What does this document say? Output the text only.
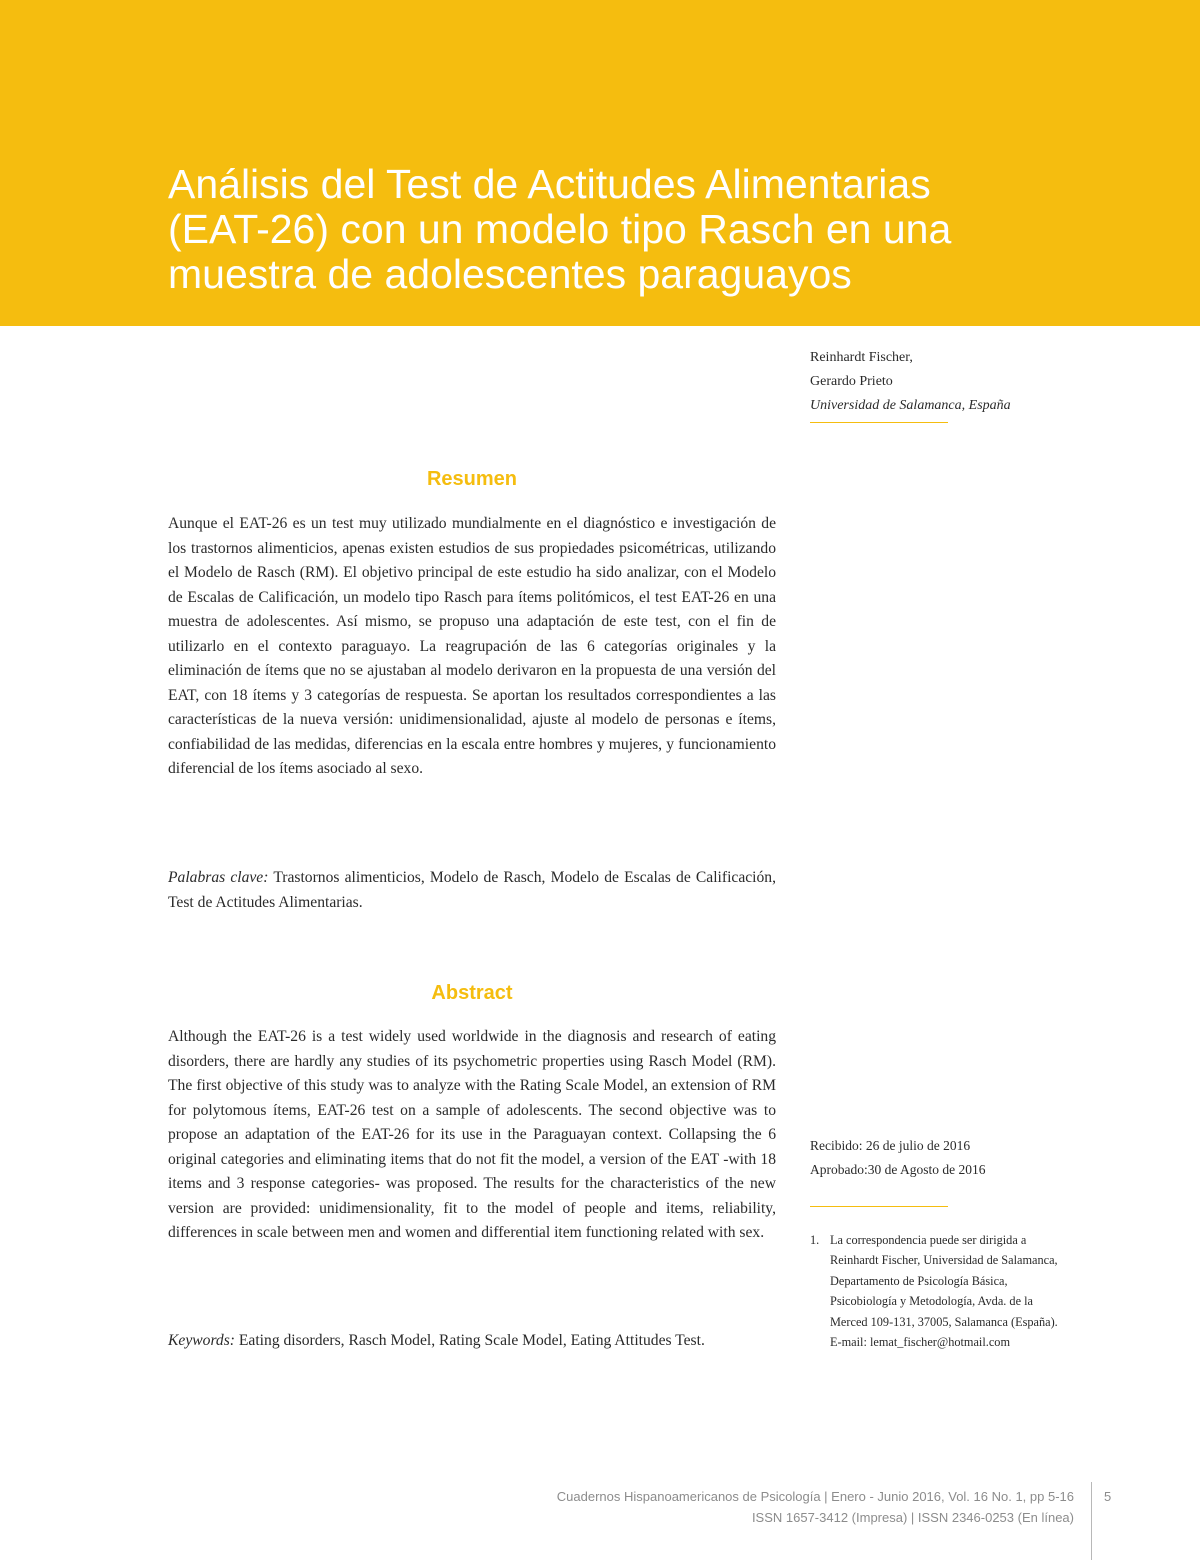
Análisis del Test de Actitudes Alimentarias
(EAT-26) con un modelo tipo Rasch en una
muestra de adolescentes paraguayos
Reinhardt Fischer,
Gerardo Prieto
Universidad de Salamanca, España
Resumen

Aunque el EAT-26 es un test muy utilizado mundialmente en el diagnóstico e investigación de los trastornos alimenticios, apenas existen estudios de sus propiedades psicométricas, utilizando el Modelo de Rasch (RM). El objetivo principal de este estudio ha sido analizar, con el Modelo de Escalas de Calificación, un modelo tipo Rasch para ítems politómicos, el test EAT-26 en una muestra de adolescentes. Así mismo, se propuso una adaptación de este test, con el fin de utilizarlo en el contexto paraguayo. La reagrupación de las 6 categorías originales y la eliminación de ítems que no se ajustaban al modelo derivaron en la propuesta de una versión del EAT, con 18 ítems y 3 categorías de respuesta. Se aportan los resultados correspondientes a las características de la nueva versión: unidimensionalidad, ajuste al modelo de personas e ítems, confiabilidad de las medidas, diferencias en la escala entre hombres y mujeres, y funcionamiento diferencial de los ítems asociado al sexo.

Palabras clave: Trastornos alimenticios, Modelo de Rasch, Modelo de Escalas de Calificación, Test de Actitudes Alimentarias.

Abstract

Although the EAT-26 is a test widely used worldwide in the diagnosis and research of eating disorders, there are hardly any studies of its psychometric properties using Rasch Model (RM). The first objective of this study was to analyze with the Rating Scale Model, an extension of RM for polytomous ítems, EAT-26 test on a sample of adolescents. The second objective was to propose an adaptation of the EAT-26 for its use in the Paraguayan context. Collapsing the 6 original categories and eliminating items that do not fit the model, a version of the EAT -with 18 items and 3 response categories- was proposed. The results for the characteristics of the new version are provided: unidimensionality, fit to the model of people and items, reliability, differences in scale between men and women and differential item functioning related with sex.

Keywords: Eating disorders, Rasch Model, Rating Scale Model, Eating Attitudes Test.

Recibido: 26 de julio de 2016
Aprobado:30 de Agosto de 2016
1. La correspondencia puede ser dirigida a
Reinhardt Fischer, Universidad de Salamanca,
Departamento de Psicología Básica,
Psicobiología y Metodología, Avda. de la
Merced 109-131, 37005, Salamanca (España).
E-mail: lemat_fischer@hotmail.com
Cuadernos Hispanoamericanos de Psicología | Enero - Junio 2016, Vol. 16 No. 1, pp 5-16
ISSN 1657-3412 (Impresa) | ISSN 2346-0253 (En línea)
5
